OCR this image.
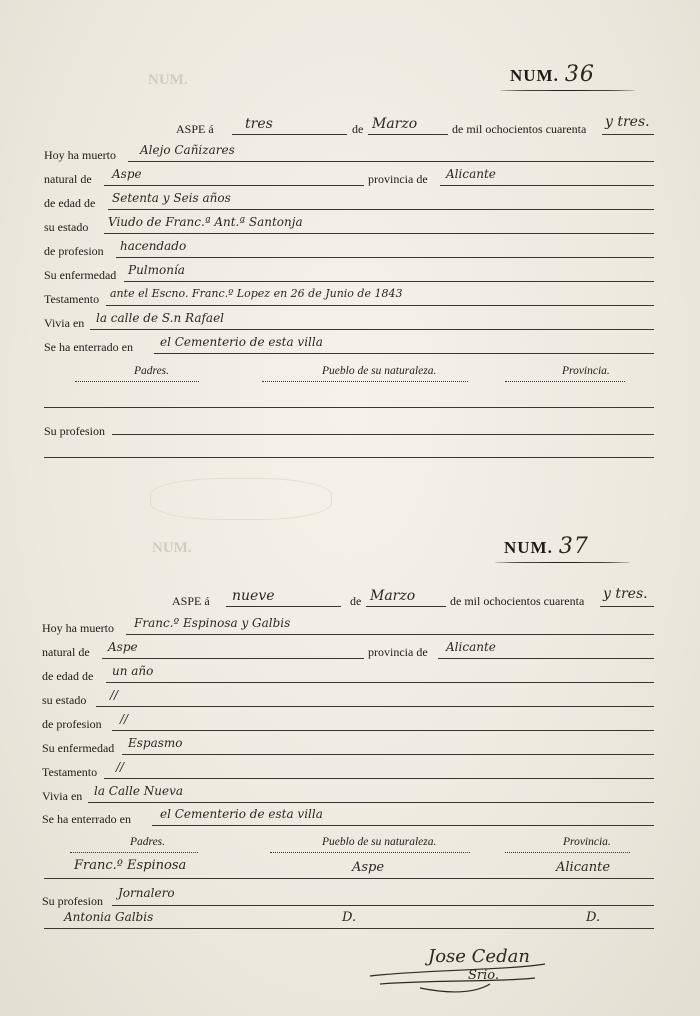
NUM.
NUM.
NUM. 36
ASPE á tres	de Marzo	de mil ochocientos cuarenta y tres.
Hoy ha muerto Alejo Cañizares
natural de Aspe	provincia de Alicante
de edad de Setenta y Seis años
su estado Viudo de Franc.ª Ant.ª Santonja
de profesion hacendado
Su enfermedad Pulmonía
Testamento ante el Escno. Franc.º Lopez en 26 de Junio de 1843
Vivia en la calle de S.n Rafael
Se ha enterrado en el Cementerio de esta villa
Padres.	Pueblo de su naturaleza.	Provincia.
Su profesion
NUM. 37
ASPE á nueve	de Marzo	de mil ochocientos cuarenta y tres.
Hoy ha muerto Franc.º Espinosa y Galbis
natural de Aspe	provincia de Alicante
de edad de un año
su estado //
de profesion //
Su enfermedad Espasmo
Testamento //
Vivia en la Calle Nueva
Se ha enterrado en el Cementerio de esta villa
Padres.	Pueblo de su naturaleza.	Provincia.
Franc.º Espinosa	Aspe	Alicante
Su profesion
Jornalero
Antonia Galbis	D.	D.
Jose Cedan
Srio.
